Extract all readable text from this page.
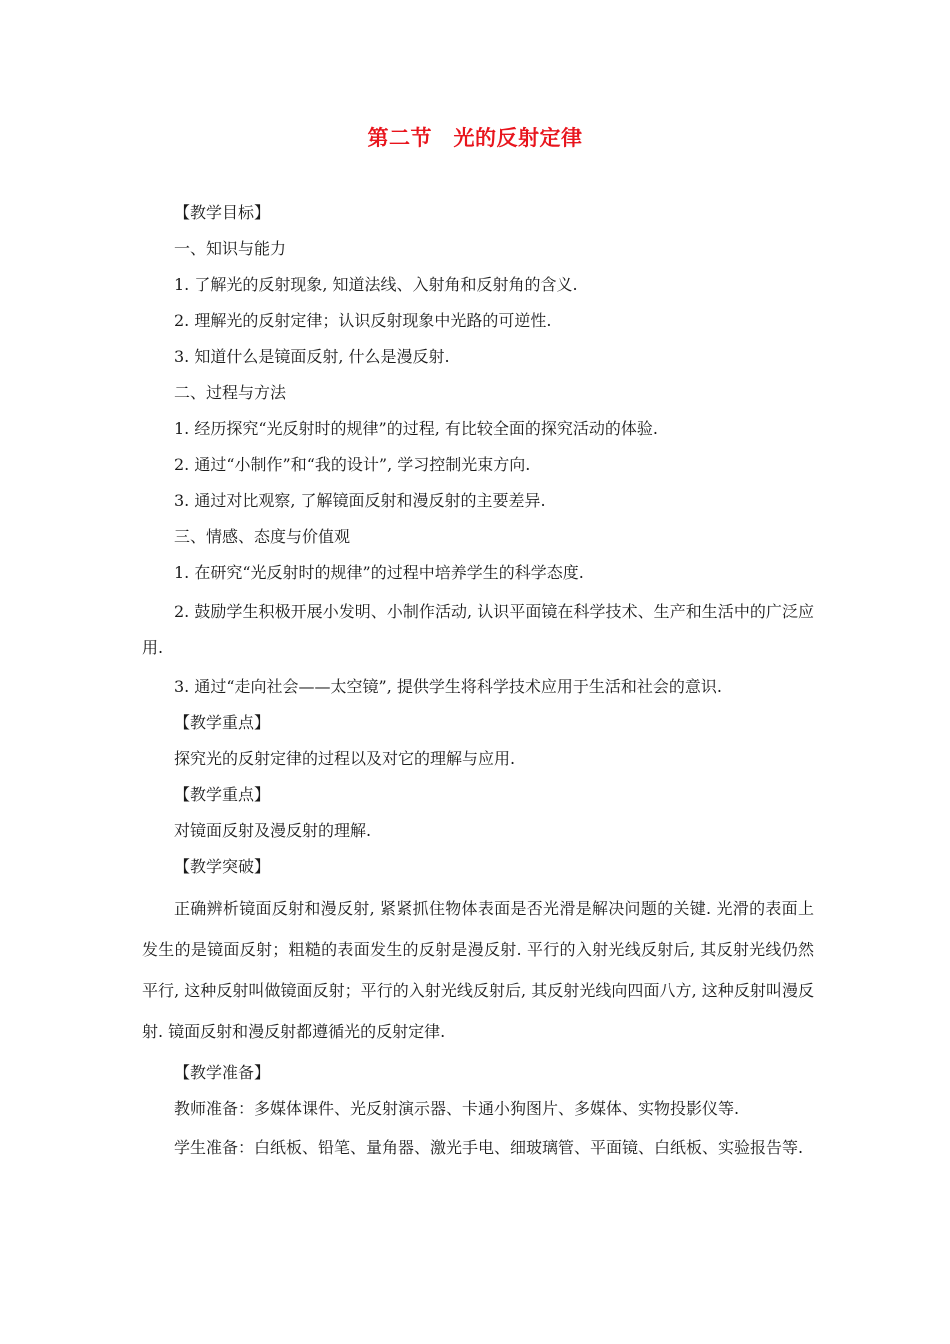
第二节　光的反射定律
【教学目标】
一、知识与能力
1. 了解光的反射现象, 知道法线、入射角和反射角的含义.
2. 理解光的反射定律；认识反射现象中光路的可逆性.
3. 知道什么是镜面反射, 什么是漫反射.
二、过程与方法
1. 经历探究“光反射时的规律”的过程, 有比较全面的探究活动的体验.
2. 通过“小制作”和“我的设计”, 学习控制光束方向.
3. 通过对比观察, 了解镜面反射和漫反射的主要差异.
三、情感、态度与价值观
1. 在研究“光反射时的规律”的过程中培养学生的科学态度.
2. 鼓励学生积极开展小发明、小制作活动, 认识平面镜在科学技术、生产和生活中的广泛应用.
3. 通过“走向社会——太空镜”, 提供学生将科学技术应用于生活和社会的意识.
【教学重点】
探究光的反射定律的过程以及对它的理解与应用.
【教学重点】
对镜面反射及漫反射的理解.
【教学突破】
正确辨析镜面反射和漫反射, 紧紧抓住物体表面是否光滑是解决问题的关键. 光滑的表面上发生的是镜面反射；粗糙的表面发生的反射是漫反射. 平行的入射光线反射后, 其反射光线仍然平行, 这种反射叫做镜面反射；平行的入射光线反射后, 其反射光线向四面八方, 这种反射叫漫反射. 镜面反射和漫反射都遵循光的反射定律.
【教学准备】
教师准备：多媒体课件、光反射演示器、卡通小狗图片、多媒体、实物投影仪等.
学生准备：白纸板、铅笔、量角器、激光手电、细玻璃管、平面镜、白纸板、实验报告等.
